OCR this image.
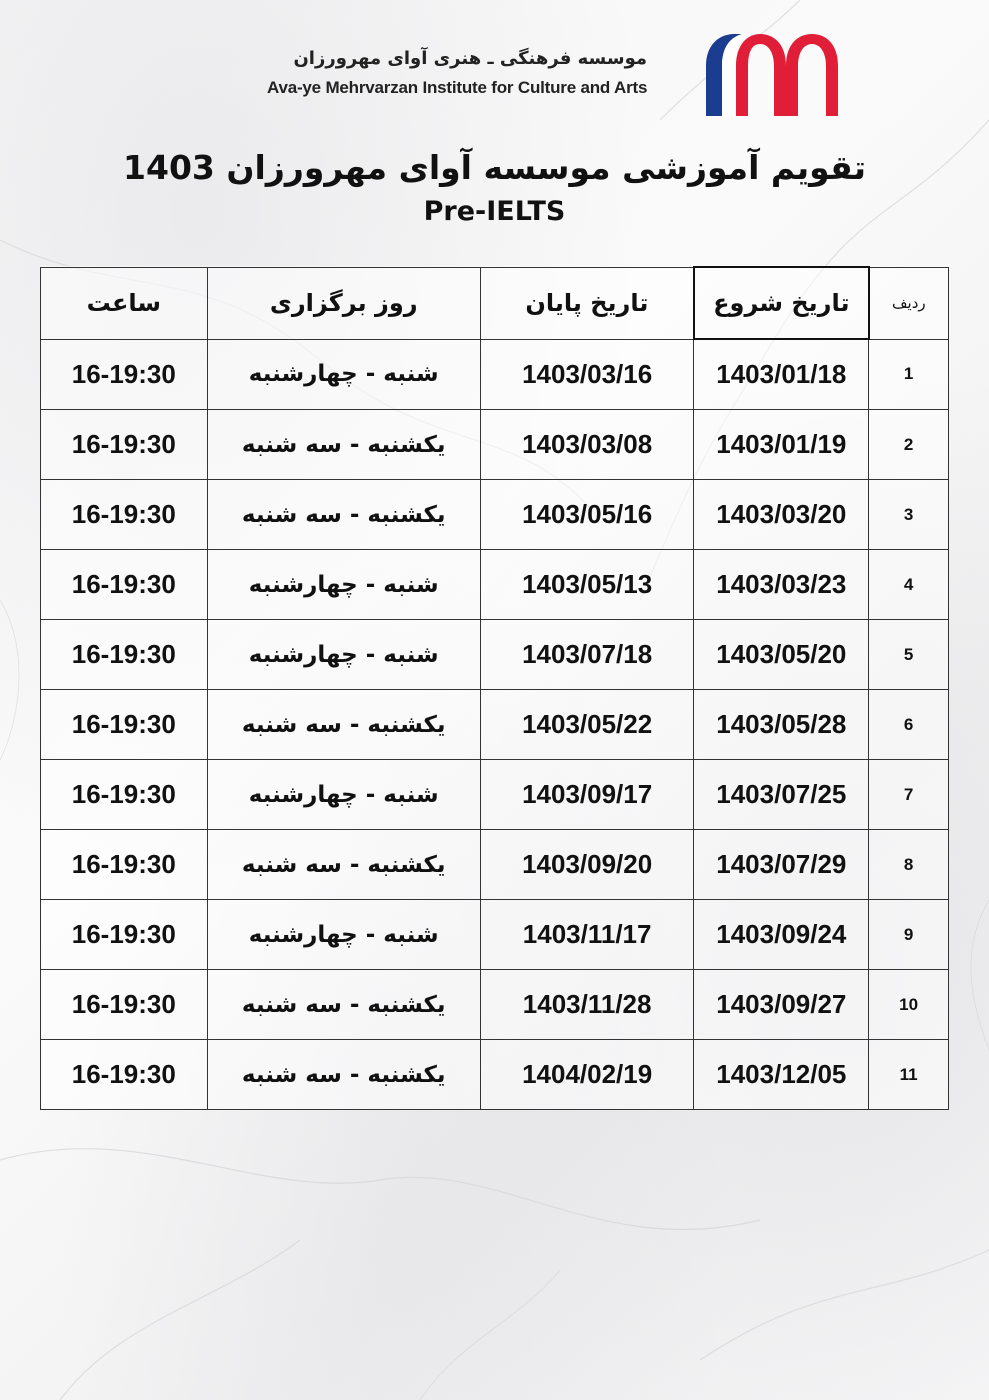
موسسه فرهنگی ـ هنری آوای مهرورزان
Ava-ye Mehrvarzan Institute for Culture and Arts
تقویم آموزشی موسسه آوای مهرورزان 1403
Pre-IELTS
ردیف	تاریخ شروع	تاریخ پایان	روز برگزاری	ساعت
1	1403/01/18	1403/03/16	شنبه - چهارشنبه	16-19:30
2	1403/01/19	1403/03/08	یکشنبه - سه شنبه	16-19:30
3	1403/03/20	1403/05/16	یکشنبه - سه شنبه	16-19:30
4	1403/03/23	1403/05/13	شنبه - چهارشنبه	16-19:30
5	1403/05/20	1403/07/18	شنبه - چهارشنبه	16-19:30
6	1403/05/28	1403/05/22	یکشنبه - سه شنبه	16-19:30
7	1403/07/25	1403/09/17	شنبه - چهارشنبه	16-19:30
8	1403/07/29	1403/09/20	یکشنبه - سه شنبه	16-19:30
9	1403/09/24	1403/11/17	شنبه - چهارشنبه	16-19:30
10	1403/09/27	1403/11/28	یکشنبه - سه شنبه	16-19:30
11	1403/12/05	1404/02/19	یکشنبه - سه شنبه	16-19:30
